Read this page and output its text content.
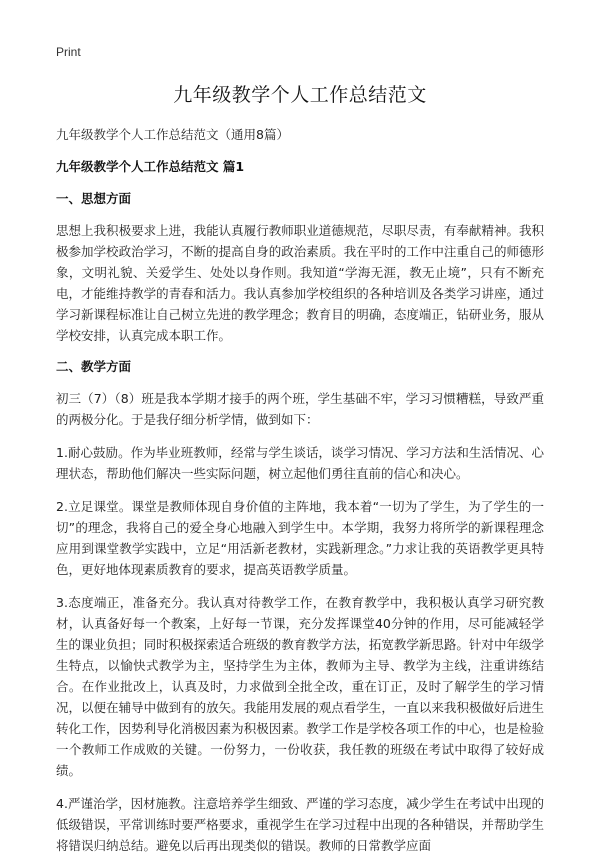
Print
九年级教学个人工作总结范文

九年级教学个人工作总结范文（通用8篇）

九年级教学个人工作总结范文 篇1

一、思想方面

思想上我积极要求上进，我能认真履行教师职业道德规范，尽职尽责，有奉献精神。我积极参加学校政治学习，不断的提高自身的政治素质。我在平时的工作中注重自己的师德形象，文明礼貌、关爱学生、处处以身作则。我知道“学海无涯，教无止境”，只有不断充电，才能维持教学的青春和活力。我认真参加学校组织的各种培训及各类学习讲座，通过学习新课程标准让自己树立先进的教学理念；教育目的明确，态度端正，钻研业务，服从学校安排，认真完成本职工作。

二、教学方面

初三（7）（8）班是我本学期才接手的两个班，学生基础不牢，学习习惯糟糕，导致严重的两极分化。于是我仔细分析学情，做到如下：

1.耐心鼓励。作为毕业班教师，经常与学生谈话，谈学习情况、学习方法和生活情况、心理状态，帮助他们解决一些实际问题，树立起他们勇往直前的信心和决心。

2.立足课堂。课堂是教师体现自身价值的主阵地，我本着“一切为了学生，为了学生的一切”的理念，我将自己的爱全身心地融入到学生中。本学期，我努力将所学的新课程理念应用到课堂教学实践中，立足“用活新老教材，实践新理念。”力求让我的英语教学更具特色，更好地体现素质教育的要求，提高英语教学质量。

3.态度端正，准备充分。我认真对待教学工作，在教育教学中，我积极认真学习研究教材，认真备好每一个教案，上好每一节课，充分发挥课堂40分钟的作用，尽可能减轻学生的课业负担；同时积极探索适合班级的教育教学方法，拓宽教学新思路。针对中年级学生特点，以愉快式教学为主，坚持学生为主体，教师为主导、教学为主线，注重讲练结合。在作业批改上，认真及时，力求做到全批全改，重在订正，及时了解学生的学习情况，以便在辅导中做到有的放矢。我能用发展的观点看学生，一直以来我积极做好后进生转化工作，因势利导化消极因素为积极因素。教学工作是学校各项工作的中心，也是检验一个教师工作成败的关键。一份努力，一份收获，我任教的班级在考试中取得了较好成绩。

4.严谨治学，因材施教。注意培养学生细致、严谨的学习态度，减少学生在考试中出现的低级错误，平常训练时要严格要求，重视学生在学习过程中出现的各种错误，并帮助学生将错误归纳总结。避免以后再出现类似的错误。教师的日常教学应面
